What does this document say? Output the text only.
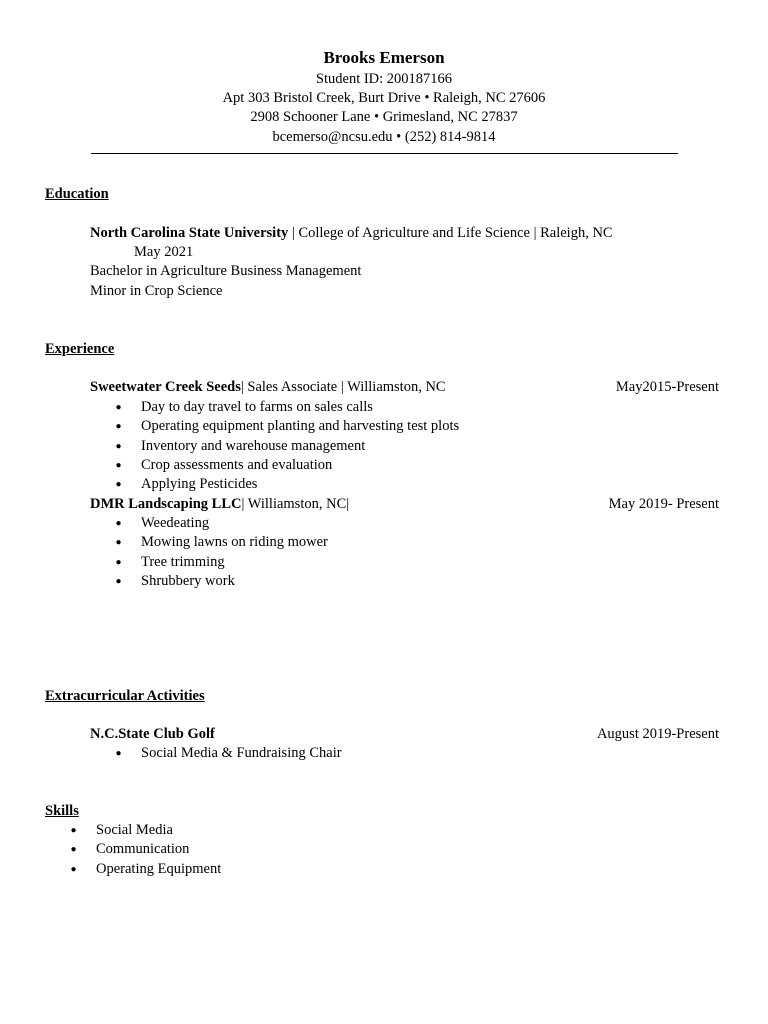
Brooks Emerson
Student ID: 200187166
Apt 303 Bristol Creek, Burt Drive • Raleigh, NC 27606
2908 Schooner Lane • Grimesland, NC 27837
bcemerso@ncsu.edu • (252) 814-9814
Education
North Carolina State University | College of Agriculture and Life Science | Raleigh, NC
May 2021
Bachelor in Agriculture Business Management
Minor in Crop Science
Experience
Sweetwater Creek Seeds| Sales Associate | Williamston, NC	May2015-Present
● Day to day travel to farms on sales calls
● Operating equipment planting and harvesting test plots
● Inventory and warehouse management
● Crop assessments and evaluation
● Applying Pesticides
DMR Landscaping LLC| Williamston, NC|	May 2019- Present
● Weedeating
● Mowing lawns on riding mower
● Tree trimming
● Shrubbery work
Extracurricular Activities
N.C.State Club Golf	August 2019-Present
● Social Media & Fundraising Chair
Skills
● Social Media
● Communication
● Operating Equipment
